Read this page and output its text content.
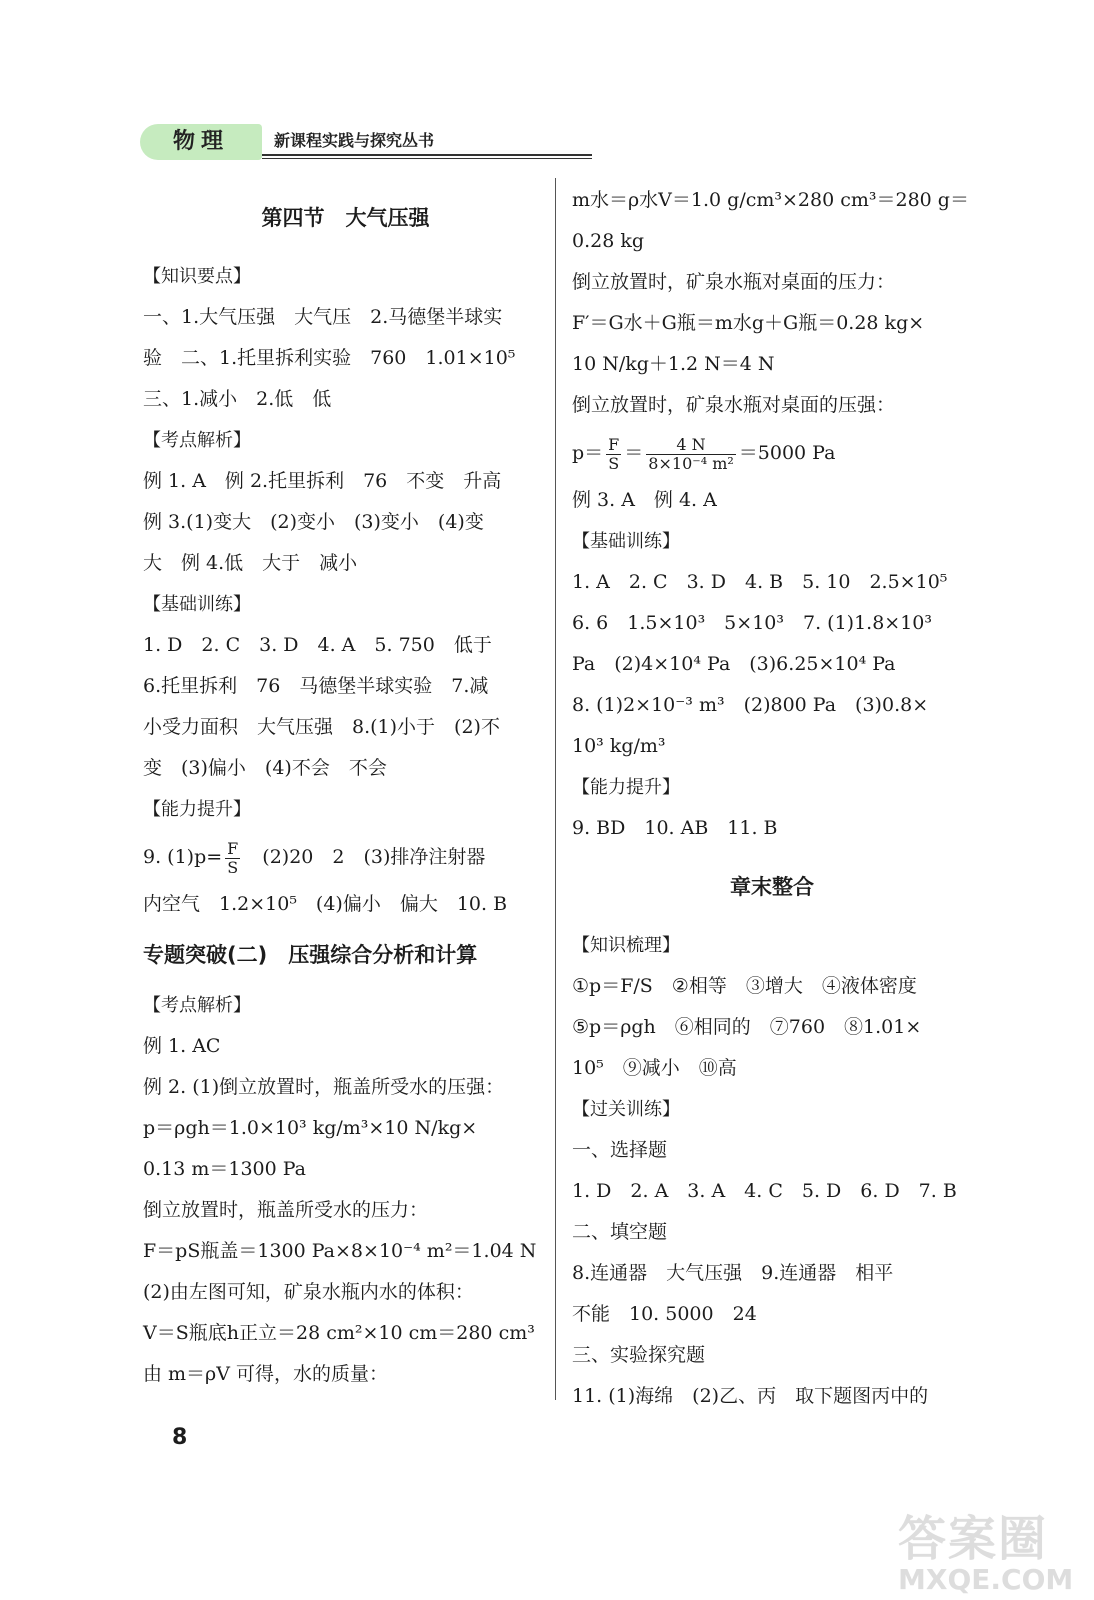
物理	新课程实践与探究丛书
第四节　大气压强
【知识要点】
一、1.大气压强　大气压　2.马德堡半球实
验　二、1.托里拆利实验　760　1.01×10⁵
三、1.减小　2.低　低
【考点解析】
例 1. A　例 2.托里拆利　76　不变　升高
例 3.(1)变大　(2)变小　(3)变小　(4)变
大　例 4.低　大于　减小
【基础训练】
1. D　2. C　3. D　4. A　5. 750　低于
6.托里拆利　76　马德堡半球实验　7.减
小受力面积　大气压强　8.(1)小于　(2)不
变　(3)偏小　(4)不会　不会
【能力提升】
9. $(1)p= \frac{F}{S}$ 　(2)20　2　(3)排净注射器
内空气　1.2×10⁵　(4)偏小　偏大　10. B
专题突破(二)　压强综合分析和计算
【考点解析】
例 1. AC
例 2. (1)倒立放置时，瓶盖所受水的压强：
p＝ρgh＝1.0×10³ kg/m³×10 N/kg×
0.13 m＝1300 Pa
倒立放置时，瓶盖所受水的压力：
F＝pS瓶盖＝1300 Pa×8×10⁻⁴ m²＝1.04 N
(2)由左图可知，矿泉水瓶内水的体积：
V＝S瓶底h正立＝28 cm²×10 cm＝280 cm³
由 m＝ρV 可得，水的质量：
m水＝ρ水V＝1.0 g/cm³×280 cm³＝280 g＝
0.28 kg
倒立放置时，矿泉水瓶对桌面的压力：
F′＝G水＋G瓶＝m水g＋G瓶＝0.28 kg×
10 N/kg＋1.2 N＝4 N
倒立放置时，矿泉水瓶对桌面的压强：
$p= \frac{F}{S} = \frac{4 N}{\text{8×10⁻⁴ m²}} =5000$ Pa
例 3. A　例 4. A
【基础训练】
1. A　2. C　3. D　4. B　5. 10　2.5×10⁵
6. 6　1.5×10³　5×10³　7. (1)1.8×10³
Pa　(2)4×10⁴ Pa　(3)6.25×10⁴ Pa
8. (1)2×10⁻³ m³　(2)800 Pa　(3)0.8×
10³ kg/m³
【能力提升】
9. BD　10. AB　11. B
章末整合
【知识梳理】
①p＝F/S　②相等　③增大　④液体密度
⑤p＝ρgh　⑥相同的　⑦760　⑧1.01×
10⁵　⑨减小　⑩高
【过关训练】
一、选择题
1. D　2. A　3. A　4. C　5. D　6. D　7. B
二、填空题
8.连通器　大气压强　9.连通器　相平
不能　10. 5000　24
三、实验探究题
11. (1)海绵　(2)乙、丙　取下题图丙中的
8
答案圈
MXQE.COM
